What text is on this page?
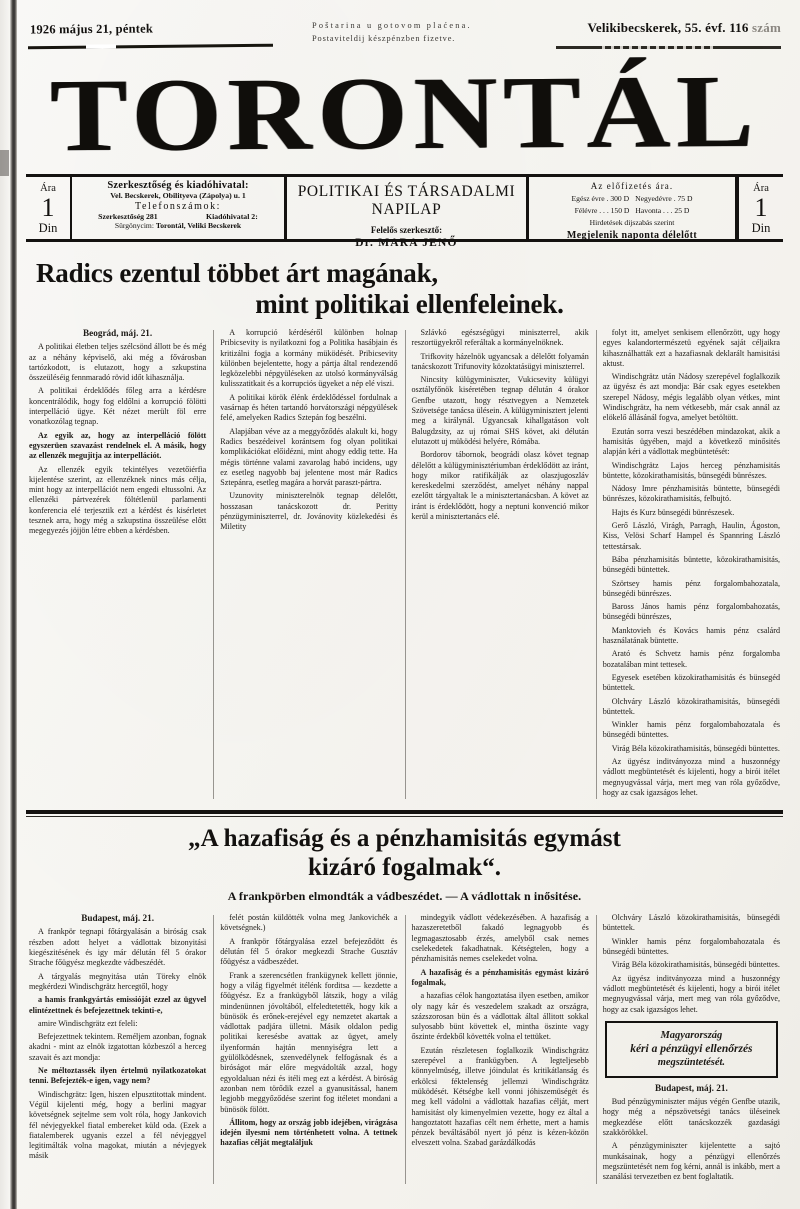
1926 május 21, péntek	Poštarina u gotovom plaćena.
Postaviteldij készpénzben fizetve.
Velikibecskerek, 55. évf. 116 szám
TORONTÁL
Ára
1
Din
Szerkesztőség és kiadóhivatal:
Vel. Becskerek, Obilityeva (Zápolya) u. 1
Telefonszámok:
Szerkesztőség 281	Kiadóhivatal 2:
Sürgönycim: Torontál, Veliki Becskerek
POLITIKAI ÉS TÁRSADALMI NAPILAP
Felelős szerkesztő:
Dr. MARA JENŐ
Az előfizetés ára.
Egész évre . 300 D Negyedévre . 75 D
Félévre . . . 150 D Havonta . . . 25 D
Hirdetések dijszabás szerint
Megjelenik naponta délelőtt
Ára
1
Din
Radics ezentul többet árt magának,
mint politikai ellenfeleinek.

Beográd, máj. 21.

A politikai életben teljes szélcsönd állott be és még az a néhány képviselő, aki még a fővárosban tartózkodott, is elutazott, hogy a szkupstina összeüléséig fennmaradó rövid időt kihasználja.

A politikai érdeklődés főleg arra a kérdésre koncentrálódik, hogy fog eldőlni a korrupció fölötti interpelláció ügye. Két nézet merült föl erre vonatkozólag tegnap.

Az egyik az, hogy az interpelláció fölött egyszerüen szavazást rendelnek el. A másik, hogy az ellenzék megujitja az interpellációt.

Az ellenzék egyik tekintélyes vezetőiérfia kijelentése szerint, az ellenzéknek nincs más célja, mint hogy az interpellációt nem engedi eltussolni. Az ellenzéki pártvezérek föltétlenül parlamenti konferencia elé terjesztik ezt a kérdést és kisérletet tesznek arra, hogy még a szkupstina összeülése előtt megegyezés jöjjön létre ebben a kérdésben.

A korrupció kérdéséről különben holnap Pribicsevity is nyilatkozni fog a Politika hasábjain és kritizálni fogja a kormány müködését. Pribicsevity különben bejelentette, hogy a pártja által rendezendő legközelebbi népgyüléseken az utolsó kormányválság kulisszatitkait és a korrupciós ügyeket a nép elé viszi.

A politikai körök élénk érdeklődéssel fordulnak a vasárnap és héten tartandó horvátországi népgyülések felé, amelyeken Radics Sztepán fog beszélni.

Alapjában véve az a meggyőződés alakult ki, hogy Radics beszédeivel korántsem fog olyan politikai komplikációkat előidézni, mint ahogy eddig tette. Ha mégis történne valami zavarolag habó incidens, ugy ez esetleg nagyobb baj jelentene most már Radics Sztepánra, esetleg magára a horvát paraszt-pártra.

Uzunovity miniszterelnök tegnap délelőtt, hosszasan tanácskozott dr. Peritty pénzügyminiszterrel, dr. Jovánovity közlekedési és Miletity

Szlávkó egészségügyi miniszterrel, akik reszortügyekről referáltak a kormányelnöknek.

Trifkovity házelnök ugyancsak a délelőtt folyamán tanácskozott Trifunovity közoktatásügyi miniszterrel.

Nincsity külügyminiszter, Vukicsevity külügyi osztályfőnök kiséretében tegnap délután 4 órakor Genfbe utazott, hogy résztvegyen a Nemzetek Szövetsége tanácsa ülésein. A külügyminisztert jelenti meg a királynál. Ugyancsak kihallgatáson volt Balugdzsity, az uj római SHS követ, aki délután elutazott uj müködési helyére, Rómába.

Bordorov tábornok, beográdi olasz követ tegnap délelőtt a külügyminisztériumban érdeklődött az iránt, hogy mikor ratifikálják az olaszjugoszláv kereskedelmi szerződést, amelyet néhány nappal ezelőtt tárgyaltak le a minisztertanácsban. A követ az iránt is érdeklődött, hogy a neptuni konvenció mikor kerül a minisztertanács elé.

folyt itt, amelyet senkisem ellenőrzött, ugy hogy egyes kalandortermészetü egyének saját céljaikra kihasználhatták ezt a hazafiasnak deklarált hamisitási aktust.

Windischgrätz után Nádosy szerepével foglalkozik az ügyész és azt mondja: Bár csak egyes esetekben szerepel Nádosy, mégis legalább olyan vétkes, mint Windischgrätz, ha nem vétkesebb, már csak annál az elökelő állásánál fogva, amelyet betöltött.

Ezután sorra veszi beszédében mindazokat, akik a hamisitás ügyében, majd a következő minősités alapján kéri a vádlottak megbüntetését:

Windischgrätz Lajos herceg pénzhamisitás büntette, közokirathamisitás, bünsegédi bünrészes.

Nádosy Imre pénzhamisitás büntette, bünsegédi bünrészes, közokirathamisitás, felbujtó.

Hajts és Kurz bünsegédi bünrészesek.

Gerő László, Virágh, Parragh, Haulin, Ágoston, Kiss, Velösi Scharf Hampel és Spannring László tettestársak.

Bába pénzhamisitás büntette, közokirathamisitás, bünsegédi büntettek.

Szörtsey hamis pénz forgalombahozatala, bünsegédi bünrészes.

Baross János hamis pénz forgalombahozatás, bünsegédi bünrészes,

Manktovieh és Kovács hamis pénz csalárd használatának büntette.

Arató és Schvetz hamis pénz forgalomba bozatalában mint tettesek.

Egyesek esetében közokirathamisitás és bünsegéd büntettek.

Olchváry László közokirathamisitás, bünsegédi büntettek.

Winkler hamis pénz forgalombahozatala és bünsegédi büntettes.

Virág Béla közokirathamisitás, bünsegédi büntettes.

Az ügyész inditványozza mind a huszonnégy vádlott megbüntetését és kijelenti, hogy a birói itélet megnyugvással várja, mert meg van róla győződve, hogy az csak igazságos lehet.

„A hazafiság és a pénzhamisitás egymást
kizáró fogalmak“.
A frankpörben elmondták a vádbeszédet. — A vádlottak n inősitése.

Budapest, máj. 21.

A frankpör tegnapi főtárgyalásán a biróság csak részben adott helyet a vádlottak bizonyitási kiegészitésének és igy már délután fél 5 órakor Strache főügyész megkezdte vádbeszédét.

A tárgyalás megnyitása után Töreky elnök megkérdezi Windischgrätz hercegtől, hogy

a hamis frankgyártás emissióját ezzel az ügyvel elintézettnek és befejezettnek tekinti-e,

amire Windischgrätz ezt feleli:

Befejezettnek tekintem. Reméljem azonban, fognak akadni - mint az elnök izgatottan közbeszól a herceg szavait és azt mondja:

Ne méltoztassék ilyen értelmü nyilatkozatokat tenni. Befejezték-e igen, vagy nem?

Windischgrätz: Igen, hiszen elpusztitottak mindent. Végül kijelenti még, hogy a berlini magyar követségnek sejtelme sem volt róla, hogy Jankovich fél névjegyekkel fiatal embereket küld oda. (Ezek a fiatalemberek ugyanis ezzel a fél névjeggyel legitimálták volna magokat, miután a névjegyek másik

felét postán küldötték volna meg Jankovichék a követségnek.)

A frankpör főtárgyalása ezzel befejeződött és délután fél 5 órakor megkezdi Strache Gusztáv főügyész a vádbeszédet.

Frank a szerencsétlen frankügynek kellett jönnie, hogy a világ figyelmét itélénk forditsa — kezdette a főügyész. Ez a frankügyből látszik, hogy a világ mindenünnen jóvoltából, elfeledtetették, hogy kik a bünösök és erőnek-erejével egy nemzetet akartak a vádlottak padjára ülletni. Másik oldalon pedig politikai keresésbe avattak az ügyet, amely ilyenformán hajtán mennyiségra lett a gyülölködésnek, szenvedélynek felfogásnak és a biróságot már előre megvádolták azzal, hogy egyoldaluan nézi és itéli meg ezt a kérdést. A biróság azonban nem törődik ezzel a gyanusitással, hanem legjobb meggyőződése szerint fog itéletet mondani a bünösök fölött.

Állitom, hogy az ország jobb idejében, virágzása idején ilyesmi nem történhetett volna. A tettnek hazafias célját megtaláljuk

mindegyik vádlott védekezésében. A hazafiság a hazaszeretetből fakadó legnagyobb és legmagasztosabb érzés, amelyből csak nemes cselekedetek fakadhatnak. Kétségtelen, hogy a pénzhamisitás nemes cselekedet volna.

A hazafiság és a pénzhamisitás egymást kizáró fogalmak,

a hazafias célok hangoztatása ilyen esetben, amikor oly nagy kár és veszedelem szakadt az országra, százszorosan bün és a vádlottak által állitott sokkal sulyosabb bünt követtek el, mintha öszinte vagy őszinte érdekből követték volna el tettüket.

Ezután részletesen foglalkozik Windischgrätz szerepével a frankügyben. A legteljesebb könnyelmüség, illetve jóindulat és kritikátlanság és erkölcsi féktelenség jellemzi Windischgrätz müködését. Kétségbe kell vonni jóhiszemüségét és meg kell vádolni a vádlottak hazafias célját, mert hamisitást oly kimenyelmien vezette, hogy ez által a hangoztatott hazafias célt nem érhette, mert a hamis pénzek beváltásából nyert jó pénz is kézen-közön elveszett volna. Szabad garázdálkodás

Olchváry László közokirathamisitás, bünsegédi büntettek.

Winkler hamis pénz forgalombahozatala és bünsegédi büntettes.

Virág Béla közokirathamisitás, bünsegédi büntettes.

Az ügyész inditványozza mind a huszonnégy vádlott megbüntetését és kijelenti, hogy a birói itélet megnyugvással várja, mert meg van róla győződve, hogy az csak igazságos lehet.

Magyarország
kéri a pénzügyi ellenőrzés
megszüntetését.

Budapest, máj. 21.

Bud pénzügyminiszter május végén Genfbe utazik, hogy még a népszövetségi tanács üléseinek megkezdése előtt tanácskozzék gazdasági szakkörökkel.

A pénzügyminiszter kijelentette a sajtó munkásainak, hogy a pénzügyi ellenőrzés megszüntetését nem fog kérni, annál is inkább, mert a szanálási tervezetben ez bent foglaltatik.
